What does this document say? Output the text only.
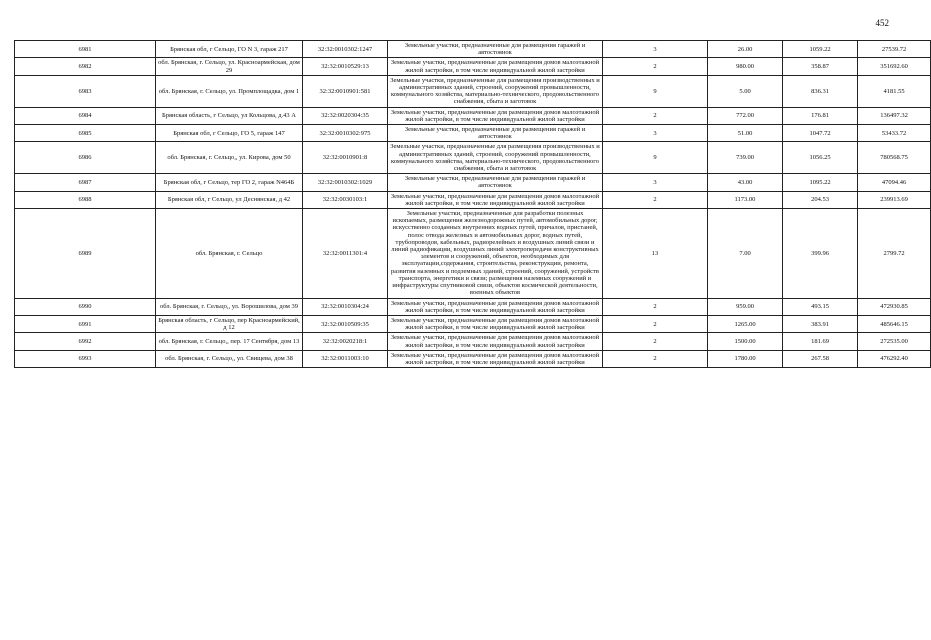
452
6981	Брянская обл, г Сельцо, ГО N 3, гараж 217	32:32:0010302:1247	Земельные участки, предназначенные для размещения гаражей и автостоянок	3	26.00	1059.22	27539.72
6982	обл. Брянская, г. Сельцо, ул. Красноармейская, дом 29	32:32:0010529:13	Земельные участки, предназначенные для размещения домов малоэтажной жилой застройки, в том числе индивидуальной жилой застройки	2	980.00	358.87	351692.60
6983	обл. Брянская, г. Сельцо, ул. Промплощадка, дом 1	32:32:0010901:581	Земельные участки, предназначенные для размещения производственных и административных зданий, строений, сооружений промышленности, коммунального хозяйства, материально-технического, продовольственного снабжения, сбыта и заготовок	9	5.00	836.31	4181.55
6984	Брянская область, г Сельцо, ул Кольцова, д.43 А	32:32:0020304:35	Земельные участки, предназначенные для размещения домов малоэтажной жилой застройки, в том числе индивидуальной жилой застройки	2	772.00	176.81	136497.32
6985	Брянская обл, г Сельцо, ГО 5, гараж 147	32:32:0010302:975	Земельные участки, предназначенные для размещения гаражей и автостоянок	3	51.00	1047.72	53433.72
6986	обл. Брянская, г. Сельцо,, ул. Кирова, дом 50	32:32:0010901:8	Земельные участки, предназначенные для размещения производственных и административных зданий, строений, сооружений промышленности, коммунального хозяйства, материально-технического, продовольственного снабжения, сбыта и заготовок	9	739.00	1056.25	780568.75
6987	Брянская обл, г Сельцо, тер ГО 2, гараж N464Б	32:32:0010302:1029	Земельные участки, предназначенные для размещения гаражей и автостоянок	3	43.00	1095.22	47094.46
6988	Брянская обл, г Сельцо, ул Деснянская, д 42	32:32:0030103:1	Земельные участки, предназначенные для размещения домов малоэтажной жилой застройки, в том числе индивидуальной жилой застройки	2	1173.00	204.53	239913.69
6989	обл. Брянская, г. Сельцо	32:32:0011301:4	Земельные участки, предназначенные для разработки полезных ископаемых, размещения железнодорожных путей, автомобильных дорог, искусственно созданных внутренних водных путей, причалов, пристаней, полос отвода железных и автомобильных дорог, водных путей, трубопроводов, кабельных, радиорелейных и воздушных линий связи и линий радиофикации, воздушных линий электропередачи конструктивных элементов и сооружений, объектов, необходимых для эксплуатации,содержания, строительства, реконструкции, ремонта, развития наземных и подземных зданий, строений, сооружений, устройств транспорта, энергетики и связи; размещения наземных сооружений и инфраструктуры спутниковой связи, объектов космической деятельности, военных объектов	13	7.00	399.96	2799.72
6990	обл. Брянская, г. Сельцо,, ул. Ворошилова, дом 39	32:32:0010304:24	Земельные участки, предназначенные для размещения домов малоэтажной жилой застройки, в том числе индивидуальной жилой застройки	2	959.00	493.15	472930.85
6991	Брянская область, г Сельцо, пер Красноармейский, д 12	32:32:0010509:35	Земельные участки, предназначенные для размещения домов малоэтажной жилой застройки, в том числе индивидуальной жилой застройки	2	1265.00	383.91	485646.15
6992	обл. Брянская, г. Сельцо,, пер. 17 Сентября, дом 13	32:32:0020218:1	Земельные участки, предназначенные для размещения домов малоэтажной жилой застройки, в том числе индивидуальной жилой застройки	2	1500.00	181.69	272535.00
6993	обл. Брянская, г. Сельцо,, ул. Свищева, дом 38	32:32:0011003:10	Земельные участки, предназначенные для размещения домов малоэтажной жилой застройки, в том числе индивидуальной жилой застройки	2	1780.00	267.58	476292.40
